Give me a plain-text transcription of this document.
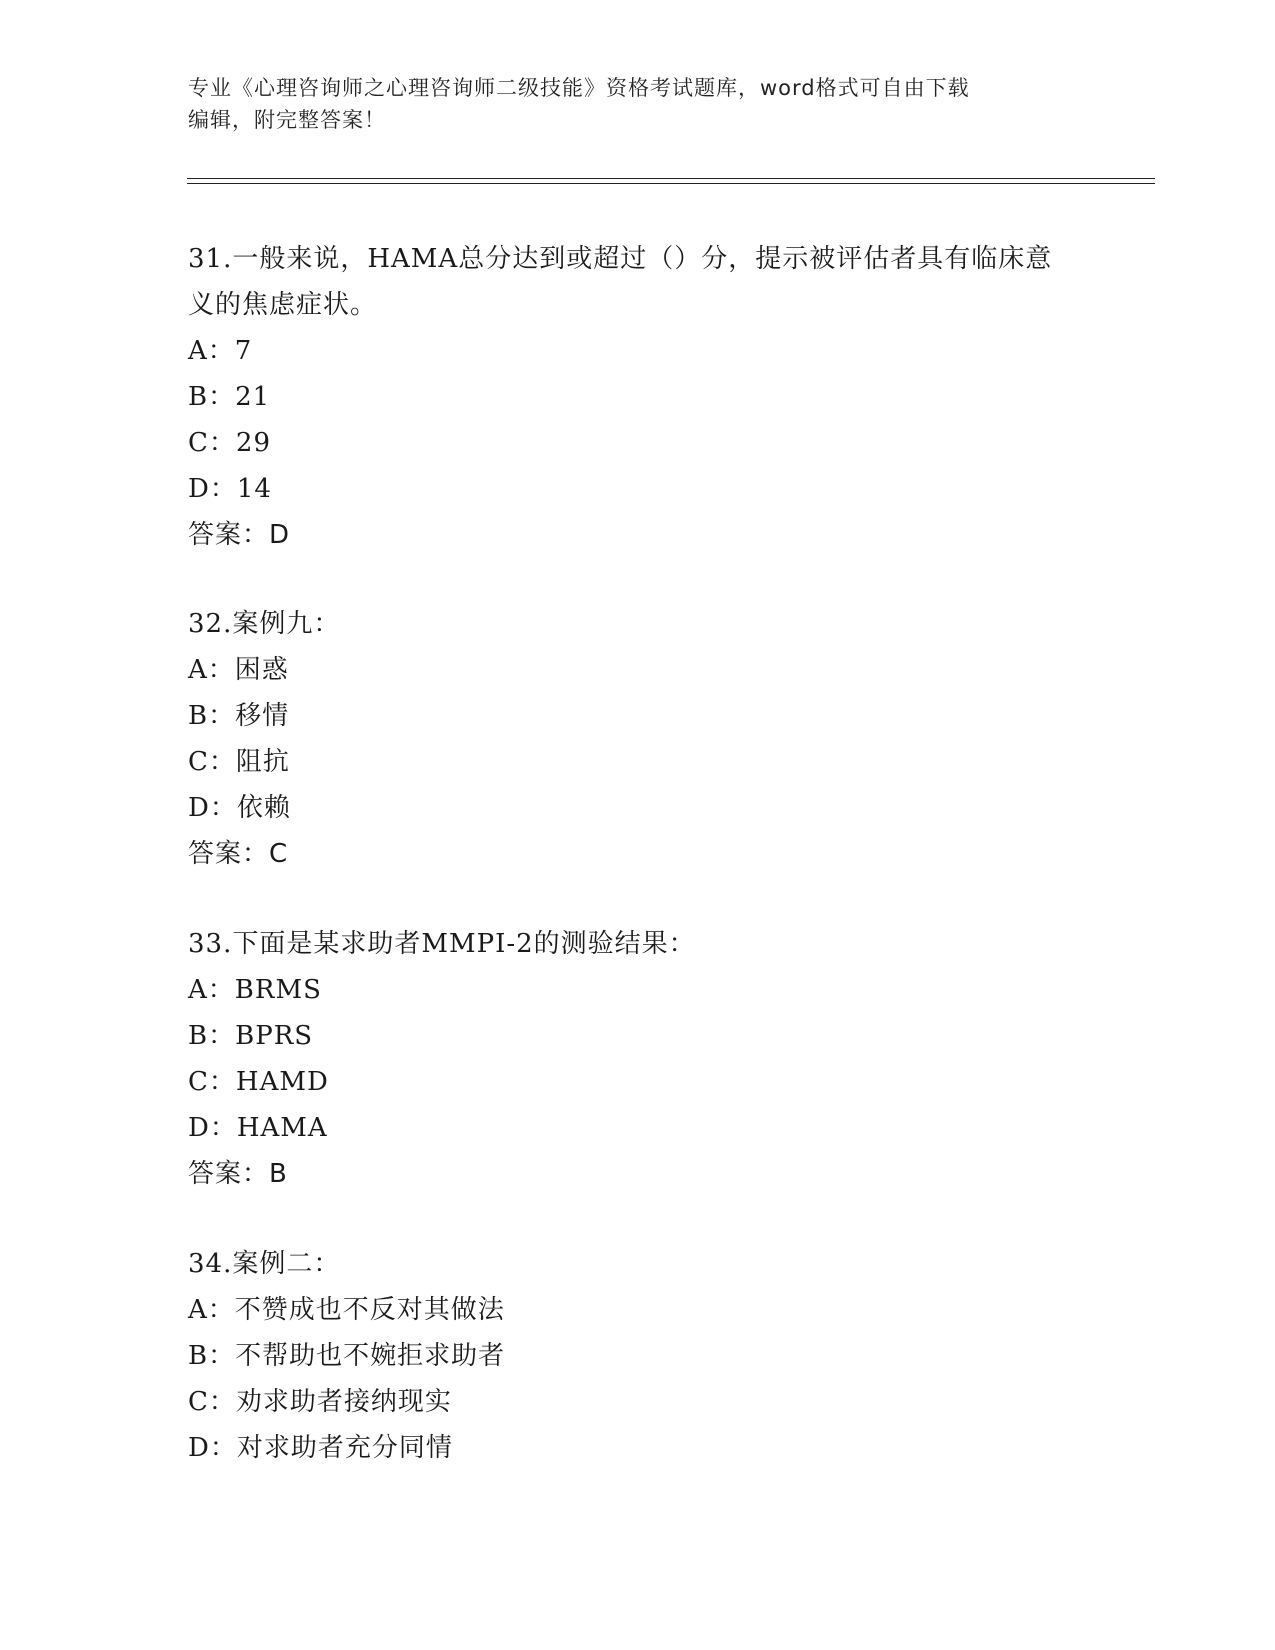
专业《心理咨询师之心理咨询师二级技能》资格考试题库，word格式可自由下载
编辑，附完整答案！

31.一般来说，HAMA总分达到或超过（）分，提示被评估者具有临床意

义的焦虑症状。

A：7

B：21

C：29

D：14

答案：D

32.案例九：

A：困惑

B：移情

C：阻抗

D：依赖

答案：C

33.下面是某求助者MMPI-2的测验结果：

A：BRMS

B：BPRS

C：HAMD

D：HAMA

答案：B

34.案例二：

A：不赞成也不反对其做法

B：不帮助也不婉拒求助者

C：劝求助者接纳现实

D：对求助者充分同情
